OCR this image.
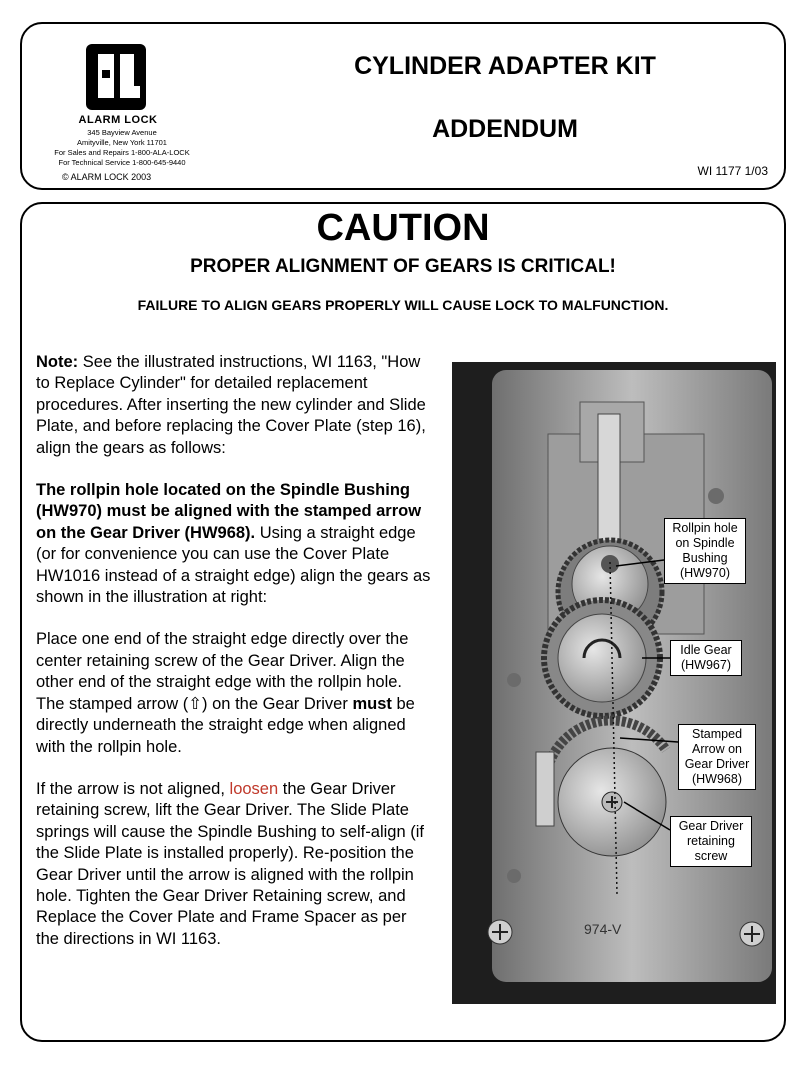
ALARM LOCK
345 Bayview Avenue
Amityville, New York 11701
For Sales and Repairs 1-800-ALA-LOCK
For Technical Service 1-800-645-9440
© ALARM LOCK 2003
CYLINDER ADAPTER KIT
ADDENDUM
WI 1177 1/03
CAUTION
PROPER ALIGNMENT OF GEARS IS CRITICAL!
FAILURE TO ALIGN GEARS PROPERLY WILL CAUSE LOCK TO MALFUNCTION.

Note: See the illustrated instructions, WI 1163, "How to Replace Cylinder" for detailed replacement procedures. After inserting the new cylinder and Slide Plate, and before replacing the Cover Plate (step 16), align the gears as follows:

The rollpin hole located on the Spindle Bushing (HW970) must be aligned with the stamped arrow on the Gear Driver (HW968). Using a straight edge (or for convenience you can use the Cover Plate HW1016 instead of a straight edge) align the gears as shown in the illustration at right:

Place one end of the straight edge directly over the center retaining screw of the Gear Driver. Align the other end of the straight edge with the rollpin hole. The stamped arrow (⇧) on the Gear Driver must be directly underneath the straight edge when aligned with the rollpin hole.

If the arrow is not aligned, loosen the Gear Driver retaining screw, lift the Gear Driver. The Slide Plate springs will cause the Spindle Bushing to self-align (if the Slide Plate is installed properly). Re-position the Gear Driver until the arrow is aligned with the rollpin hole. Tighten the Gear Driver Retaining screw, and Replace the Cover Plate and Frame Spacer as per the directions in WI 1163.

974-V
Rollpin hole on Spindle Bushing (HW970)
Idle Gear (HW967)
Stamped Arrow on Gear Driver (HW968)
Gear Driver retaining screw
